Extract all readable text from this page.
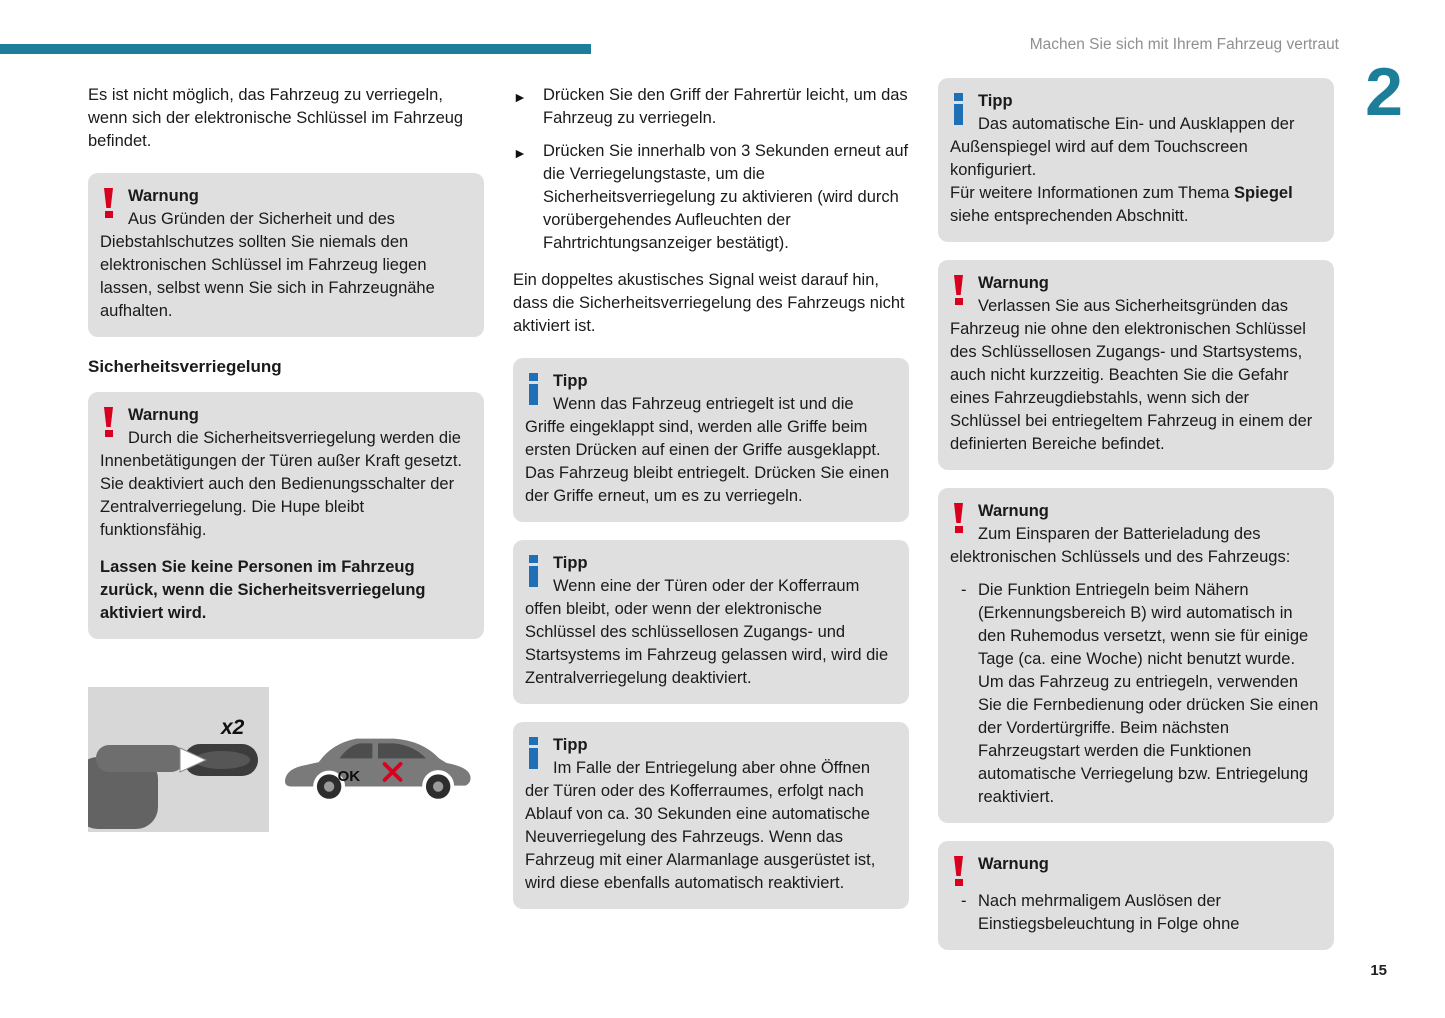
Machen Sie sich mit Ihrem Fahrzeug vertraut
2
15
Es ist nicht möglich, das Fahrzeug zu verriegeln, wenn sich der elektronische Schlüssel im Fahrzeug befindet.
Warnung
Aus Gründen der Sicherheit und des Diebstahlschutzes sollten Sie niemals den elektronischen Schlüssel im Fahrzeug liegen lassen, selbst wenn Sie sich in Fahrzeugnähe aufhalten.
Sicherheitsverriegelung
Warnung
Durch die Sicherheitsverriegelung werden die Innenbetätigungen der Türen außer Kraft gesetzt. Sie deaktiviert auch den Bedienungsschalter der Zentralverriegelung. Die Hupe bleibt funktionsfähig.
Lassen Sie keine Personen im Fahrzeug zurück, wenn die Sicherheitsverriegelung aktiviert wird.
x2
OK
► Drücken Sie den Griff der Fahrertür leicht, um das Fahrzeug zu verriegeln.
► Drücken Sie innerhalb von 3 Sekunden erneut auf die Verriegelungstaste, um die Sicherheitsverriegelung zu aktivieren (wird durch vorübergehendes Aufleuchten der Fahrtrichtungsanzeiger bestätigt).
Ein doppeltes akustisches Signal weist darauf hin, dass die Sicherheitsverriegelung des Fahrzeugs nicht aktiviert ist.
Tipp
Wenn das Fahrzeug entriegelt ist und die Griffe eingeklappt sind, werden alle Griffe beim ersten Drücken auf einen der Griffe ausgeklappt. Das Fahrzeug bleibt entriegelt. Drücken Sie einen der Griffe erneut, um es zu verriegeln.
Tipp
Wenn eine der Türen oder der Kofferraum offen bleibt, oder wenn der elektronische Schlüssel des schlüssellosen Zugangs- und Startsystems im Fahrzeug gelassen wird, wird die Zentralverriegelung deaktiviert.
Tipp
Im Falle der Entriegelung aber ohne Öffnen der Türen oder des Kofferraumes, erfolgt nach Ablauf von ca. 30 Sekunden eine automatische Neuverriegelung des Fahrzeugs. Wenn das Fahrzeug mit einer Alarmanlage ausgerüstet ist, wird diese ebenfalls automatisch reaktiviert.
Tipp
Das automatische Ein- und Ausklappen der Außenspiegel wird auf dem Touchscreen konfiguriert.
Für weitere Informationen zum Thema Spiegel siehe entsprechenden Abschnitt.
Warnung
Verlassen Sie aus Sicherheitsgründen das Fahrzeug nie ohne den elektronischen Schlüssel des Schlüssellosen Zugangs- und Startsystems, auch nicht kurzzeitig. Beachten Sie die Gefahr eines Fahrzeugdiebstahls, wenn sich der Schlüssel bei entriegeltem Fahrzeug in einem der definierten Bereiche befindet.
Warnung
Zum Einsparen der Batterieladung des elektronischen Schlüssels und des Fahrzeugs:
- Die Funktion Entriegeln beim Nähern (Erkennungsbereich B) wird automatisch in den Ruhemodus versetzt, wenn sie für einige Tage (ca. eine Woche) nicht benutzt wurde. Um das Fahrzeug zu entriegeln, verwenden Sie die Fernbedienung oder drücken Sie einen der Vordertürgriffe. Beim nächsten Fahrzeugstart werden die Funktionen automatische Verriegelung bzw. Entriegelung reaktiviert.
Warnung
- Nach mehrmaligem Auslösen der Einstiegsbeleuchtung in Folge ohne
